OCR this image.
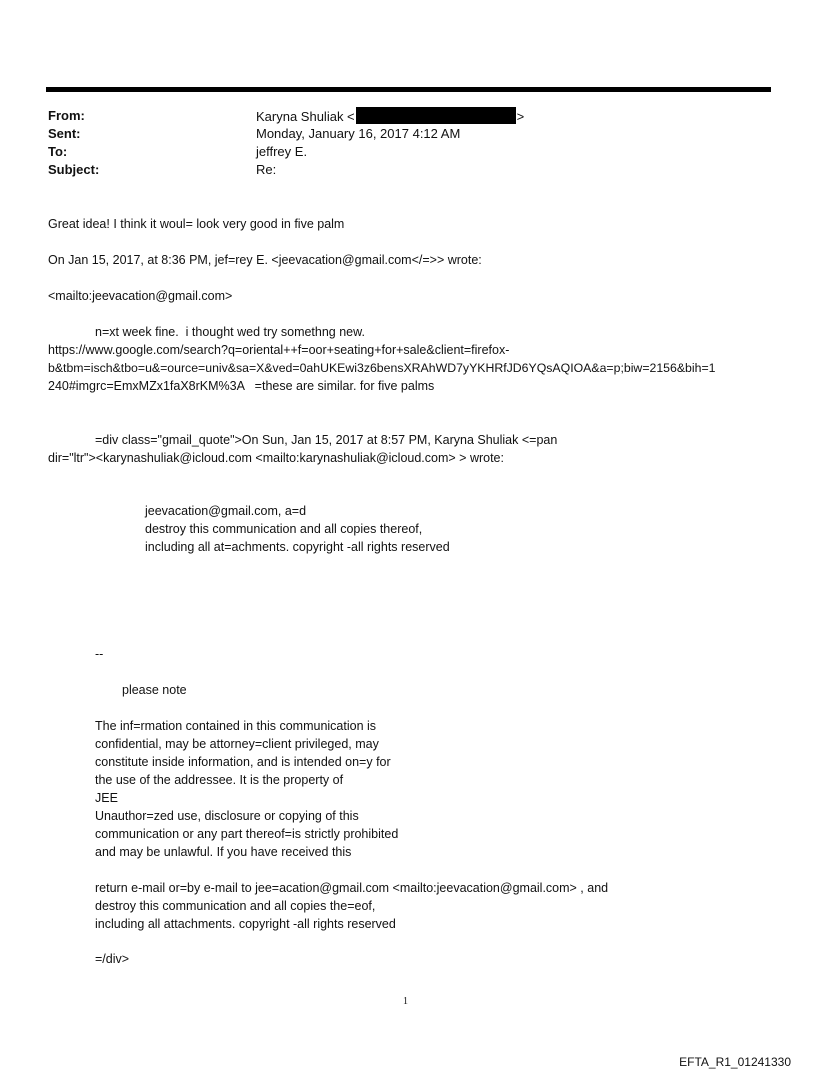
From:	Karyna Shuliak <	>
Sent:	Monday, January 16, 2017 4:12 AM
To:	jeffrey E.
Subject:	Re:
Great idea! I think it woul= look very good in five palm
On Jan 15, 2017, at 8:36 PM, jef=rey E. <jeevacation@gmail.com</=>> wrote:
<mailto:jeevacation@gmail.com>
n=xt week fine.  i thought wed try somethng new.
https://www.google.com/search?q=oriental++f=oor+seating+for+sale&client=firefox-
b&tbm=isch&tbo=u&=ource=univ&sa=X&ved=0ahUKEwi3z6bensXRAhWD7yYKHRfJD6YQsAQIOA&a=p;biw=2156&bih=1
240#imgrc=EmxMZx1faX8rKM%3A   =these are similar. for five palms
=div class="gmail_quote">On Sun, Jan 15, 2017 at 8:57 PM, Karyna Shuliak <=pan
dir="ltr"><karynashuliak@icloud.com <mailto:karynashuliak@icloud.com> > wrote:
jeevacation@gmail.com, a=d
destroy this communication and all copies thereof,
including all at=achments. copyright -all rights reserved
--
please note
The inf=rmation contained in this communication is
confidential, may be attorney=client privileged, may
constitute inside information, and is intended on=y for
the use of the addressee. It is the property of
JEE
Unauthor=zed use, disclosure or copying of this
communication or any part thereof=is strictly prohibited
and may be unlawful. If you have received this
return e-mail or=by e-mail to jee=acation@gmail.com <mailto:jeevacation@gmail.com> , and
destroy this communication and all copies the=eof,
including all attachments. copyright -all rights reserved
=/div>
1
EFTA_R1_01241330
